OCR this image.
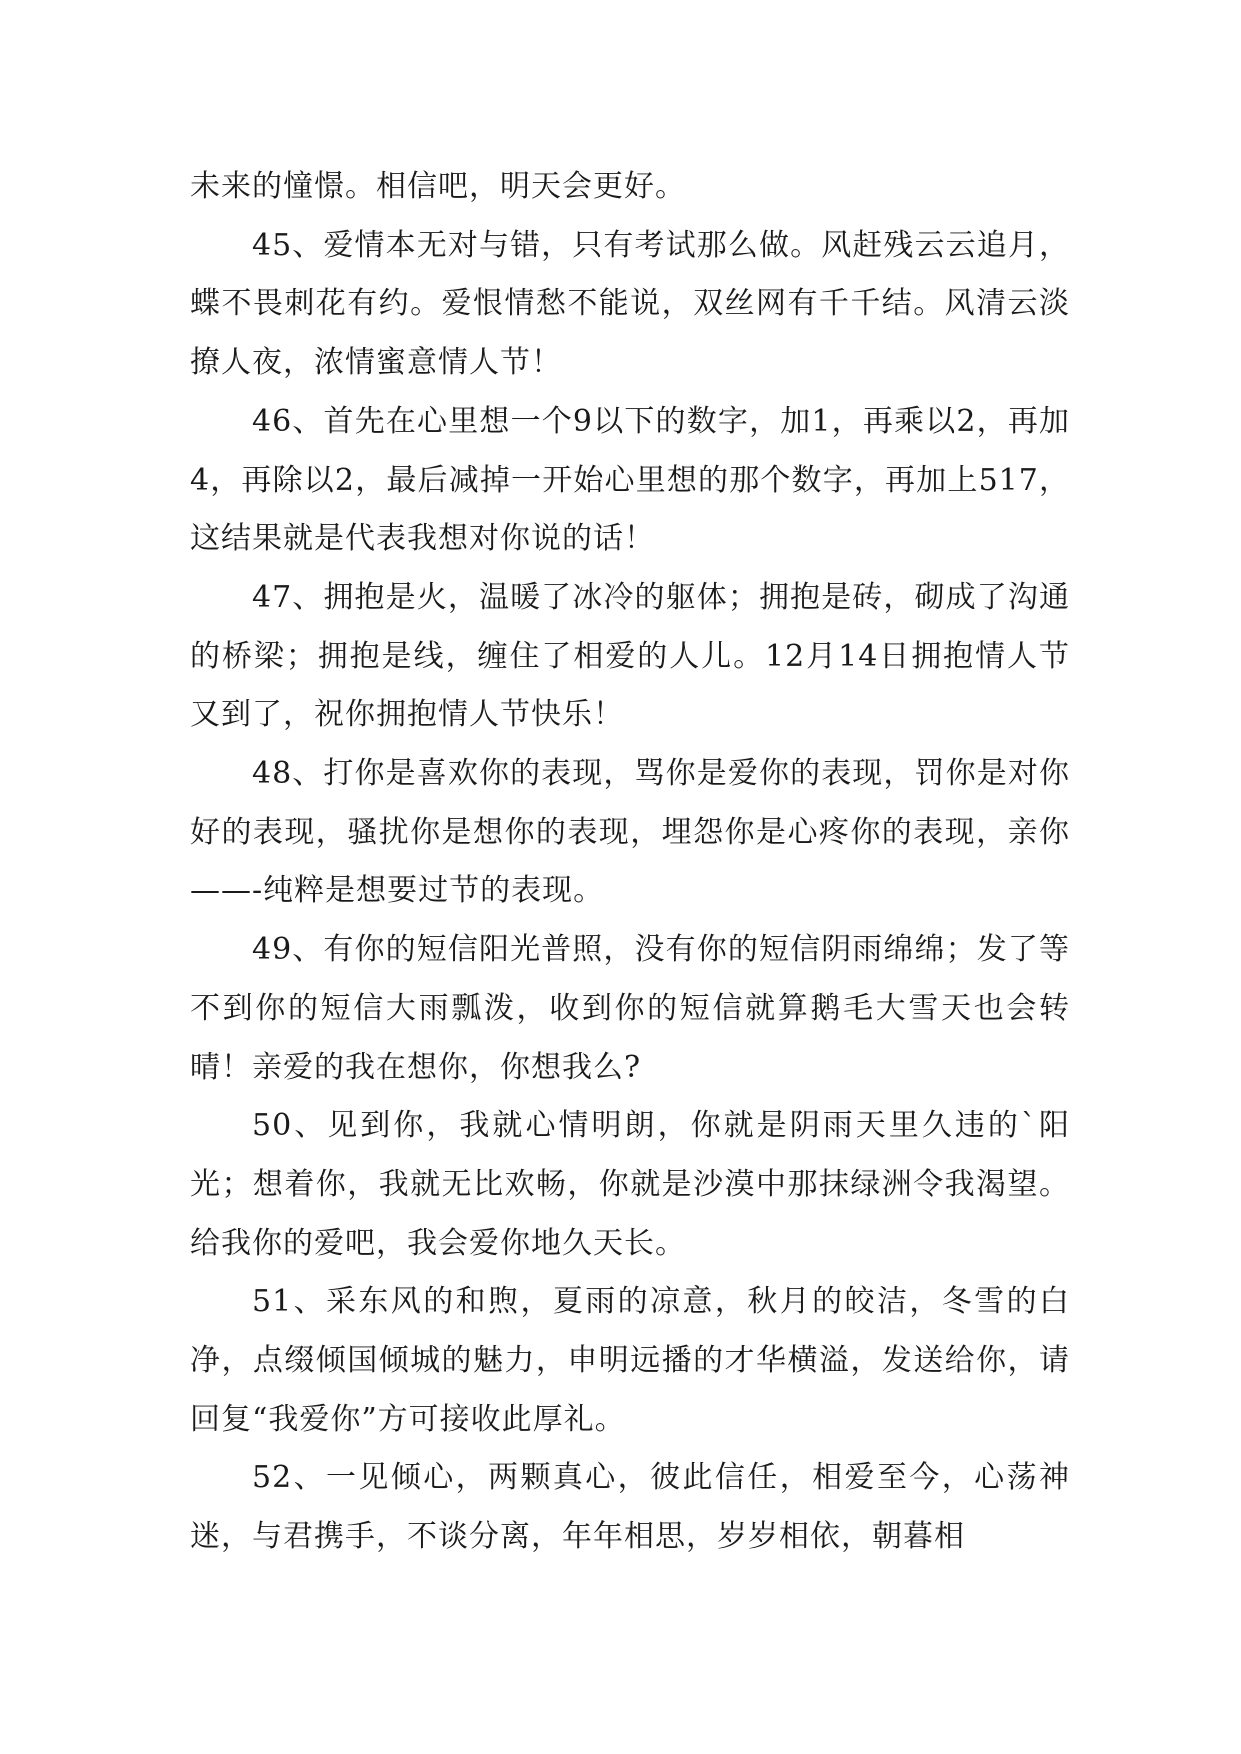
未来的憧憬。相信吧，明天会更好。

45、爱情本无对与错，只有考试那么做。风赶残云云追月，蝶不畏刺花有约。爱恨情愁不能说，双丝网有千千结。风清云淡撩人夜，浓情蜜意情人节！

46、首先在心里想一个9以下的数字，加1，再乘以2，再加4，再除以2，最后减掉一开始心里想的那个数字，再加上517，这结果就是代表我想对你说的话！

47、拥抱是火，温暖了冰冷的躯体；拥抱是砖，砌成了沟通的桥梁；拥抱是线，缠住了相爱的人儿。12月14日拥抱情人节又到了，祝你拥抱情人节快乐！

48、打你是喜欢你的表现，骂你是爱你的表现，罚你是对你好的表现，骚扰你是想你的表现，埋怨你是心疼你的表现，亲你——-纯粹是想要过节的表现。

49、有你的短信阳光普照，没有你的短信阴雨绵绵；发了等不到你的短信大雨瓢泼，收到你的短信就算鹅毛大雪天也会转晴！亲爱的我在想你，你想我么?

50、见到你，我就心情明朗，你就是阴雨天里久违的`阳光；想着你，我就无比欢畅，你就是沙漠中那抹绿洲令我渴望。给我你的爱吧，我会爱你地久天长。

51、采东风的和煦，夏雨的凉意，秋月的皎洁，冬雪的白净，点缀倾国倾城的魅力，申明远播的才华横溢，发送给你，请回复“我爱你”方可接收此厚礼。

52、一见倾心，两颗真心，彼此信任，相爱至今，心荡神迷，与君携手，不谈分离，年年相思，岁岁相依，朝暮相
